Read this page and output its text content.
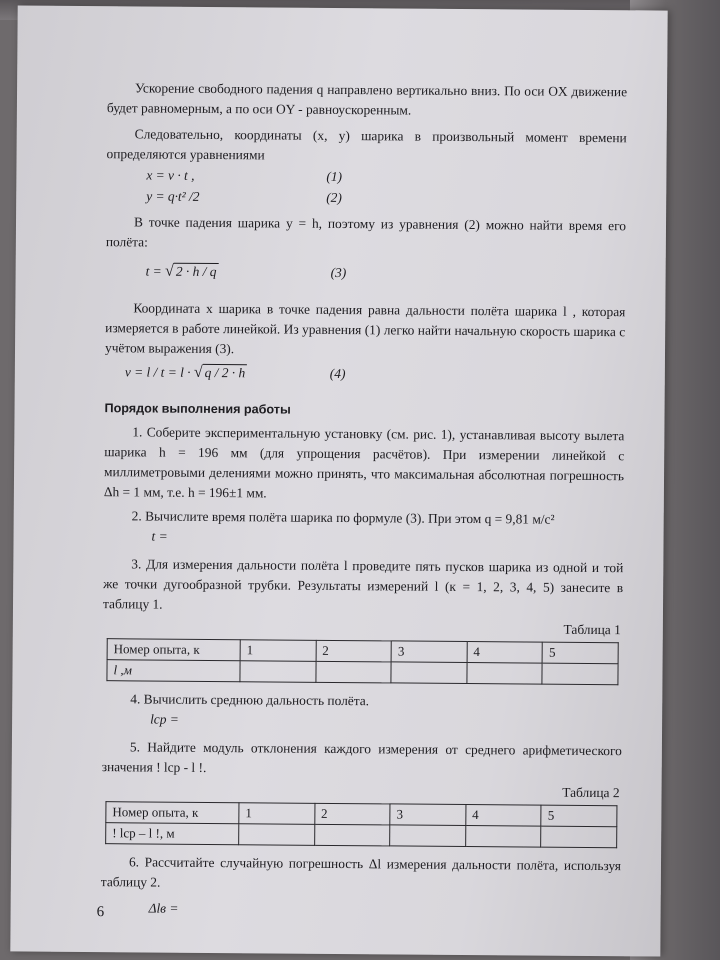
Ускорение свободного падения q направлено вертикально вниз. По оси OX движение будет равномерным, а по оси OY - равноускоренным.

Следовательно, координаты (x, y) шарика в произвольный момент времени определяются уравнениями

x = v · t ,	(1)
y = q·t² /2	(2)

В точке падения шарика y = h, поэтому из уравнения (2) можно найти время его полёта:

t = √ 2 · h / q	(3)

Координата x шарика в точке падения равна дальности полёта шарика l , которая измеряется в работе линейкой. Из уравнения (1) легко найти начальную скорость шарика с учётом выражения (3).

v = l / t = l · √ q / 2 · h	(4)

Порядок выполнения работы

1. Соберите экспериментальную установку (см. рис. 1), устанавливая высоту вылета шарика h = 196 мм (для упрощения расчётов). При измерении линейкой с миллиметровыми делениями можно принять, что максимальная абсолютная погрешность Δh = 1 мм, т.е. h = 196±1 мм.

2. Вычислите время полёта шарика по формуле (3). При этом q = 9,81 м/с²

t =

3. Для измерения дальности полёта l проведите пять пусков шарика из одной и той же точки дугообразной трубки. Результаты измерений l (к = 1, 2, 3, 4, 5) занесите в таблицу 1.

Таблица 1

Номер опыта, к	1	2	3	4	5
l ,м					

4. Вычислить среднюю дальность полёта.

lср =

5. Найдите модуль отклонения каждого измерения от среднего арифметического значения ! lср - l !.

Таблица 2

Номер опыта, к	1	2	3	4	5
! lср – l !, м					

6. Рассчитайте случайную погрешность Δl измерения дальности полёта, используя таблицу 2.

Δlв =

6
